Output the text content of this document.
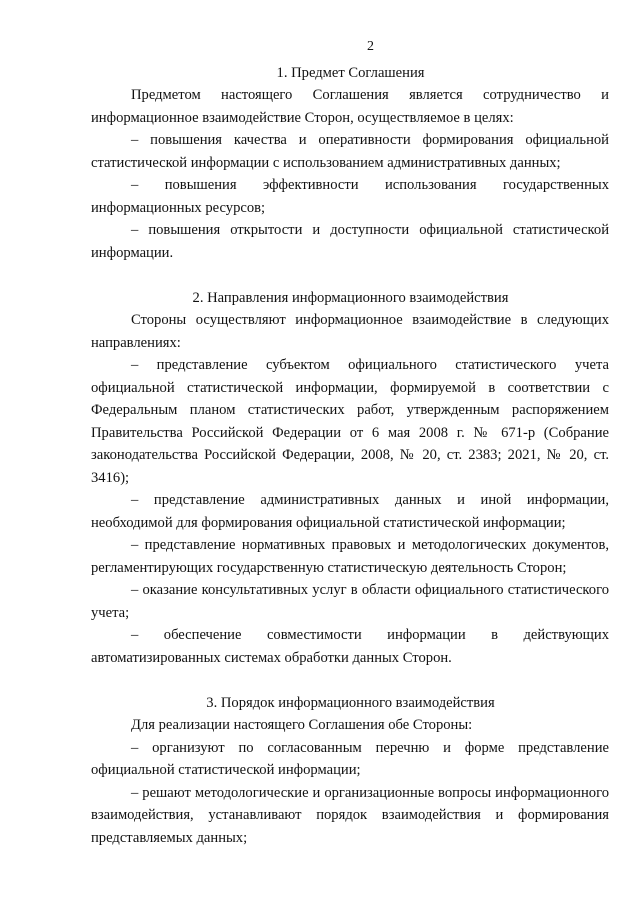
2
1. Предмет Соглашения

Предметом настоящего Соглашения является сотрудничество и информационное взаимодействие Сторон, осуществляемое в целях:

– повышения качества и оперативности формирования официальной статистической информации с использованием административных данных;

– повышения эффективности использования государственных информационных ресурсов;

– повышения открытости и доступности официальной статистической информации.

2. Направления информационного взаимодействия

Стороны осуществляют информационное взаимодействие в следующих направлениях:

– представление субъектом официального статистического учета официальной статистической информации, формируемой в соответствии с Федеральным планом статистических работ, утвержденным распоряжением Правительства Российской Федерации от 6 мая 2008 г. № 671-р (Собрание законодательства Российской Федерации, 2008, № 20, ст. 2383; 2021, № 20, ст. 3416);

– представление административных данных и иной информации, необходимой для формирования официальной статистической информации;

– представление нормативных правовых и методологических документов, регламентирующих государственную статистическую деятельность Сторон;

– оказание консультативных услуг в области официального статистического учета;

– обеспечение совместимости информации в действующих автоматизированных системах обработки данных Сторон.

3. Порядок информационного взаимодействия

Для реализации настоящего Соглашения обе Стороны:

– организуют по согласованным перечню и форме представление официальной статистической информации;

– решают методологические и организационные вопросы информационного взаимодействия, устанавливают порядок взаимодействия и формирования представляемых данных;
